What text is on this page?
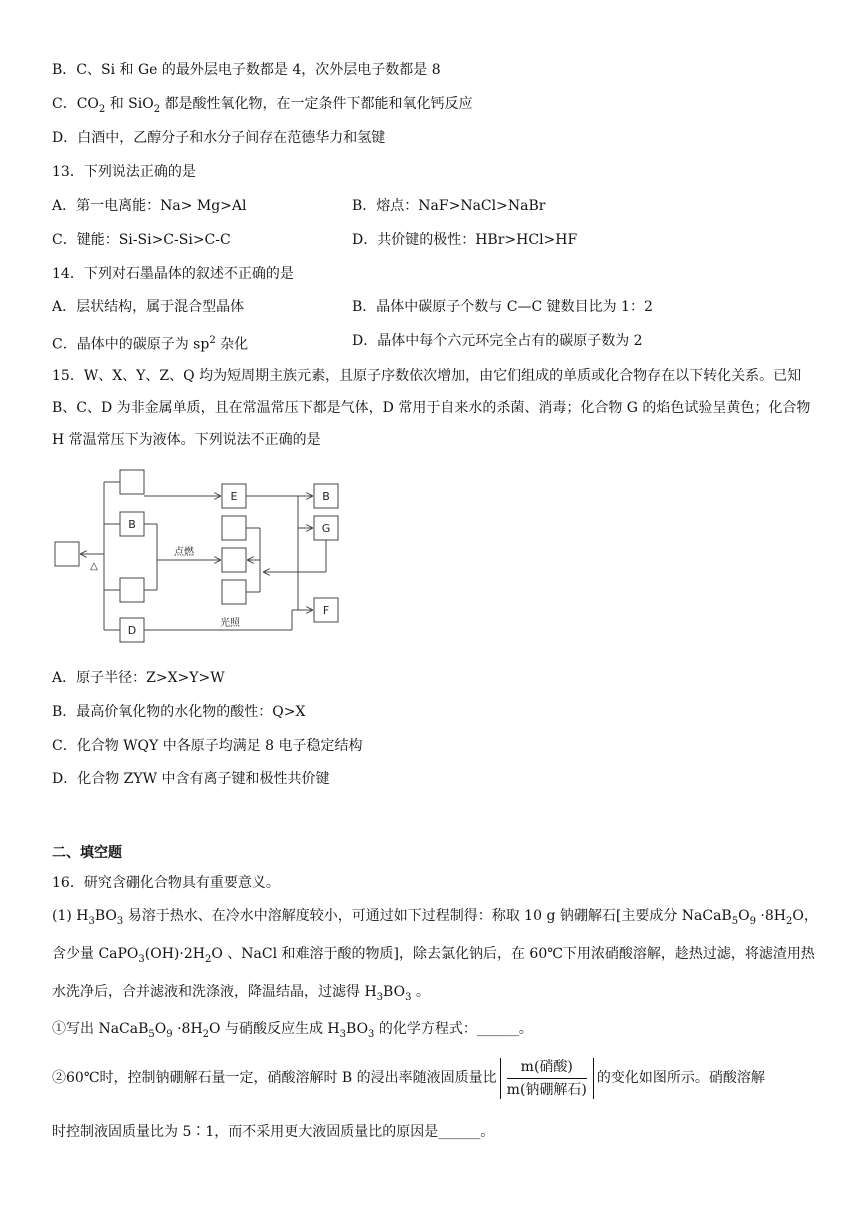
B．C、Si 和 Ge 的最外层电子数都是 4，次外层电子数都是 8
C．$CO_2$ 和 SiO$_2$ 都是酸性氧化物，在一定条件下都能和氧化钙反应
D．白酒中，乙醇分子和水分子间存在范德华力和氢键
13．下列说法正确的是
A．第一电离能：Na> Mg>Al	B．熔点：NaF>NaCl>NaBr
C．键能：Si-Si>C-Si>C-C	D．共价键的极性：HBr>HCl>HF
14．下列对石墨晶体的叙述不正确的是
A．层状结构，属于混合型晶体	B．晶体中碳原子个数与 C—C 键数目比为 1：2
C．晶体中的碳原子为 $sp^2$ 杂化	D．晶体中每个六元环完全占有的碳原子数为 2
15．W、X、Y、Z、Q 均为短周期主族元素，且原子序数依次增加，由它们组成的单质或化合物存在以下转化关系。已知 B、C、D 为非金属单质，且在常温常压下都是气体，D 常用于自来水的杀菌、消毒；化合物 G 的焰色试验呈黄色；化合物 H 常温常压下为液体。下列说法不正确的是
B
D
E	B
G
F
点燃
光照
△
A．原子半径：Z>X>Y>W
B．最高价氧化物的水化物的酸性：Q>X
C．化合物 WQY 中各原子均满足 8 电子稳定结构
D．化合物 ZYW 中含有离子键和极性共价键
二、填空题
16．研究含硼化合物具有重要意义。
(1) $H_3BO_3$ 易溶于热水、在冷水中溶解度较小，可通过如下过程制得：称取 10 g 钠硼解石[主要成分 $NaCaB_5O_9 \cdot 8H_2O$，含少量 $CaPO_3(OH)\cdot 2H_2O$ 、NaCl 和难溶于酸的物质]，除去氯化钠后，在 60℃下用浓硝酸溶解，趁热过滤，将滤渣用热水洗净后，合并滤液和洗涤液，降温结晶，过滤得 $H_3BO_3$ 。
①写出 $NaCaB_5O_9 \cdot 8H_2O$ 与硝酸反应生成 $H_3BO_3$ 的化学方程式：______。
②60℃时，控制钠硼解石量一定，硝酸溶解时 B 的浸出率随液固质量比 $\frac{\text{m(硝酸)}}{\text{m(钠硼解石)}}$ 的变化如图所示。硝酸溶解
时控制液固质量比为 5∶1，而不采用更大液固质量比的原因是______。
